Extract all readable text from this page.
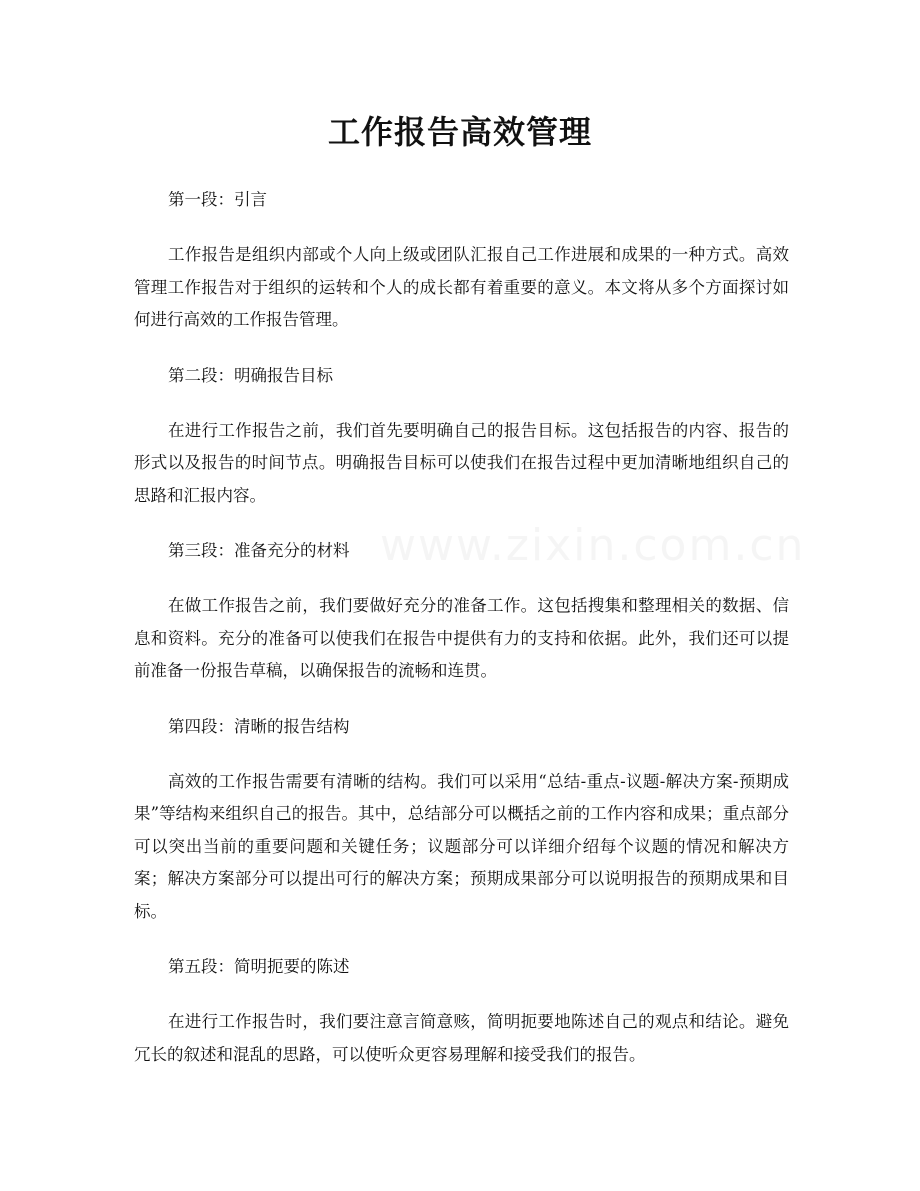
www.zixin.com.cn
工作报告高效管理

第一段：引言

工作报告是组织内部或个人向上级或团队汇报自己工作进展和成果的一种方式。高效管理工作报告对于组织的运转和个人的成长都有着重要的意义。本文将从多个方面探讨如何进行高效的工作报告管理。

第二段：明确报告目标

在进行工作报告之前，我们首先要明确自己的报告目标。这包括报告的内容、报告的形式以及报告的时间节点。明确报告目标可以使我们在报告过程中更加清晰地组织自己的思路和汇报内容。

第三段：准备充分的材料

在做工作报告之前，我们要做好充分的准备工作。这包括搜集和整理相关的数据、信息和资料。充分的准备可以使我们在报告中提供有力的支持和依据。此外，我们还可以提前准备一份报告草稿，以确保报告的流畅和连贯。

第四段：清晰的报告结构

高效的工作报告需要有清晰的结构。我们可以采用“总结-重点-议题-解决方案-预期成果”等结构来组织自己的报告。其中，总结部分可以概括之前的工作内容和成果；重点部分可以突出当前的重要问题和关键任务；议题部分可以详细介绍每个议题的情况和解决方案；解决方案部分可以提出可行的解决方案；预期成果部分可以说明报告的预期成果和目标。

第五段：简明扼要的陈述

在进行工作报告时，我们要注意言简意赅，简明扼要地陈述自己的观点和结论。避免冗长的叙述和混乱的思路，可以使听众更容易理解和接受我们的报告。
